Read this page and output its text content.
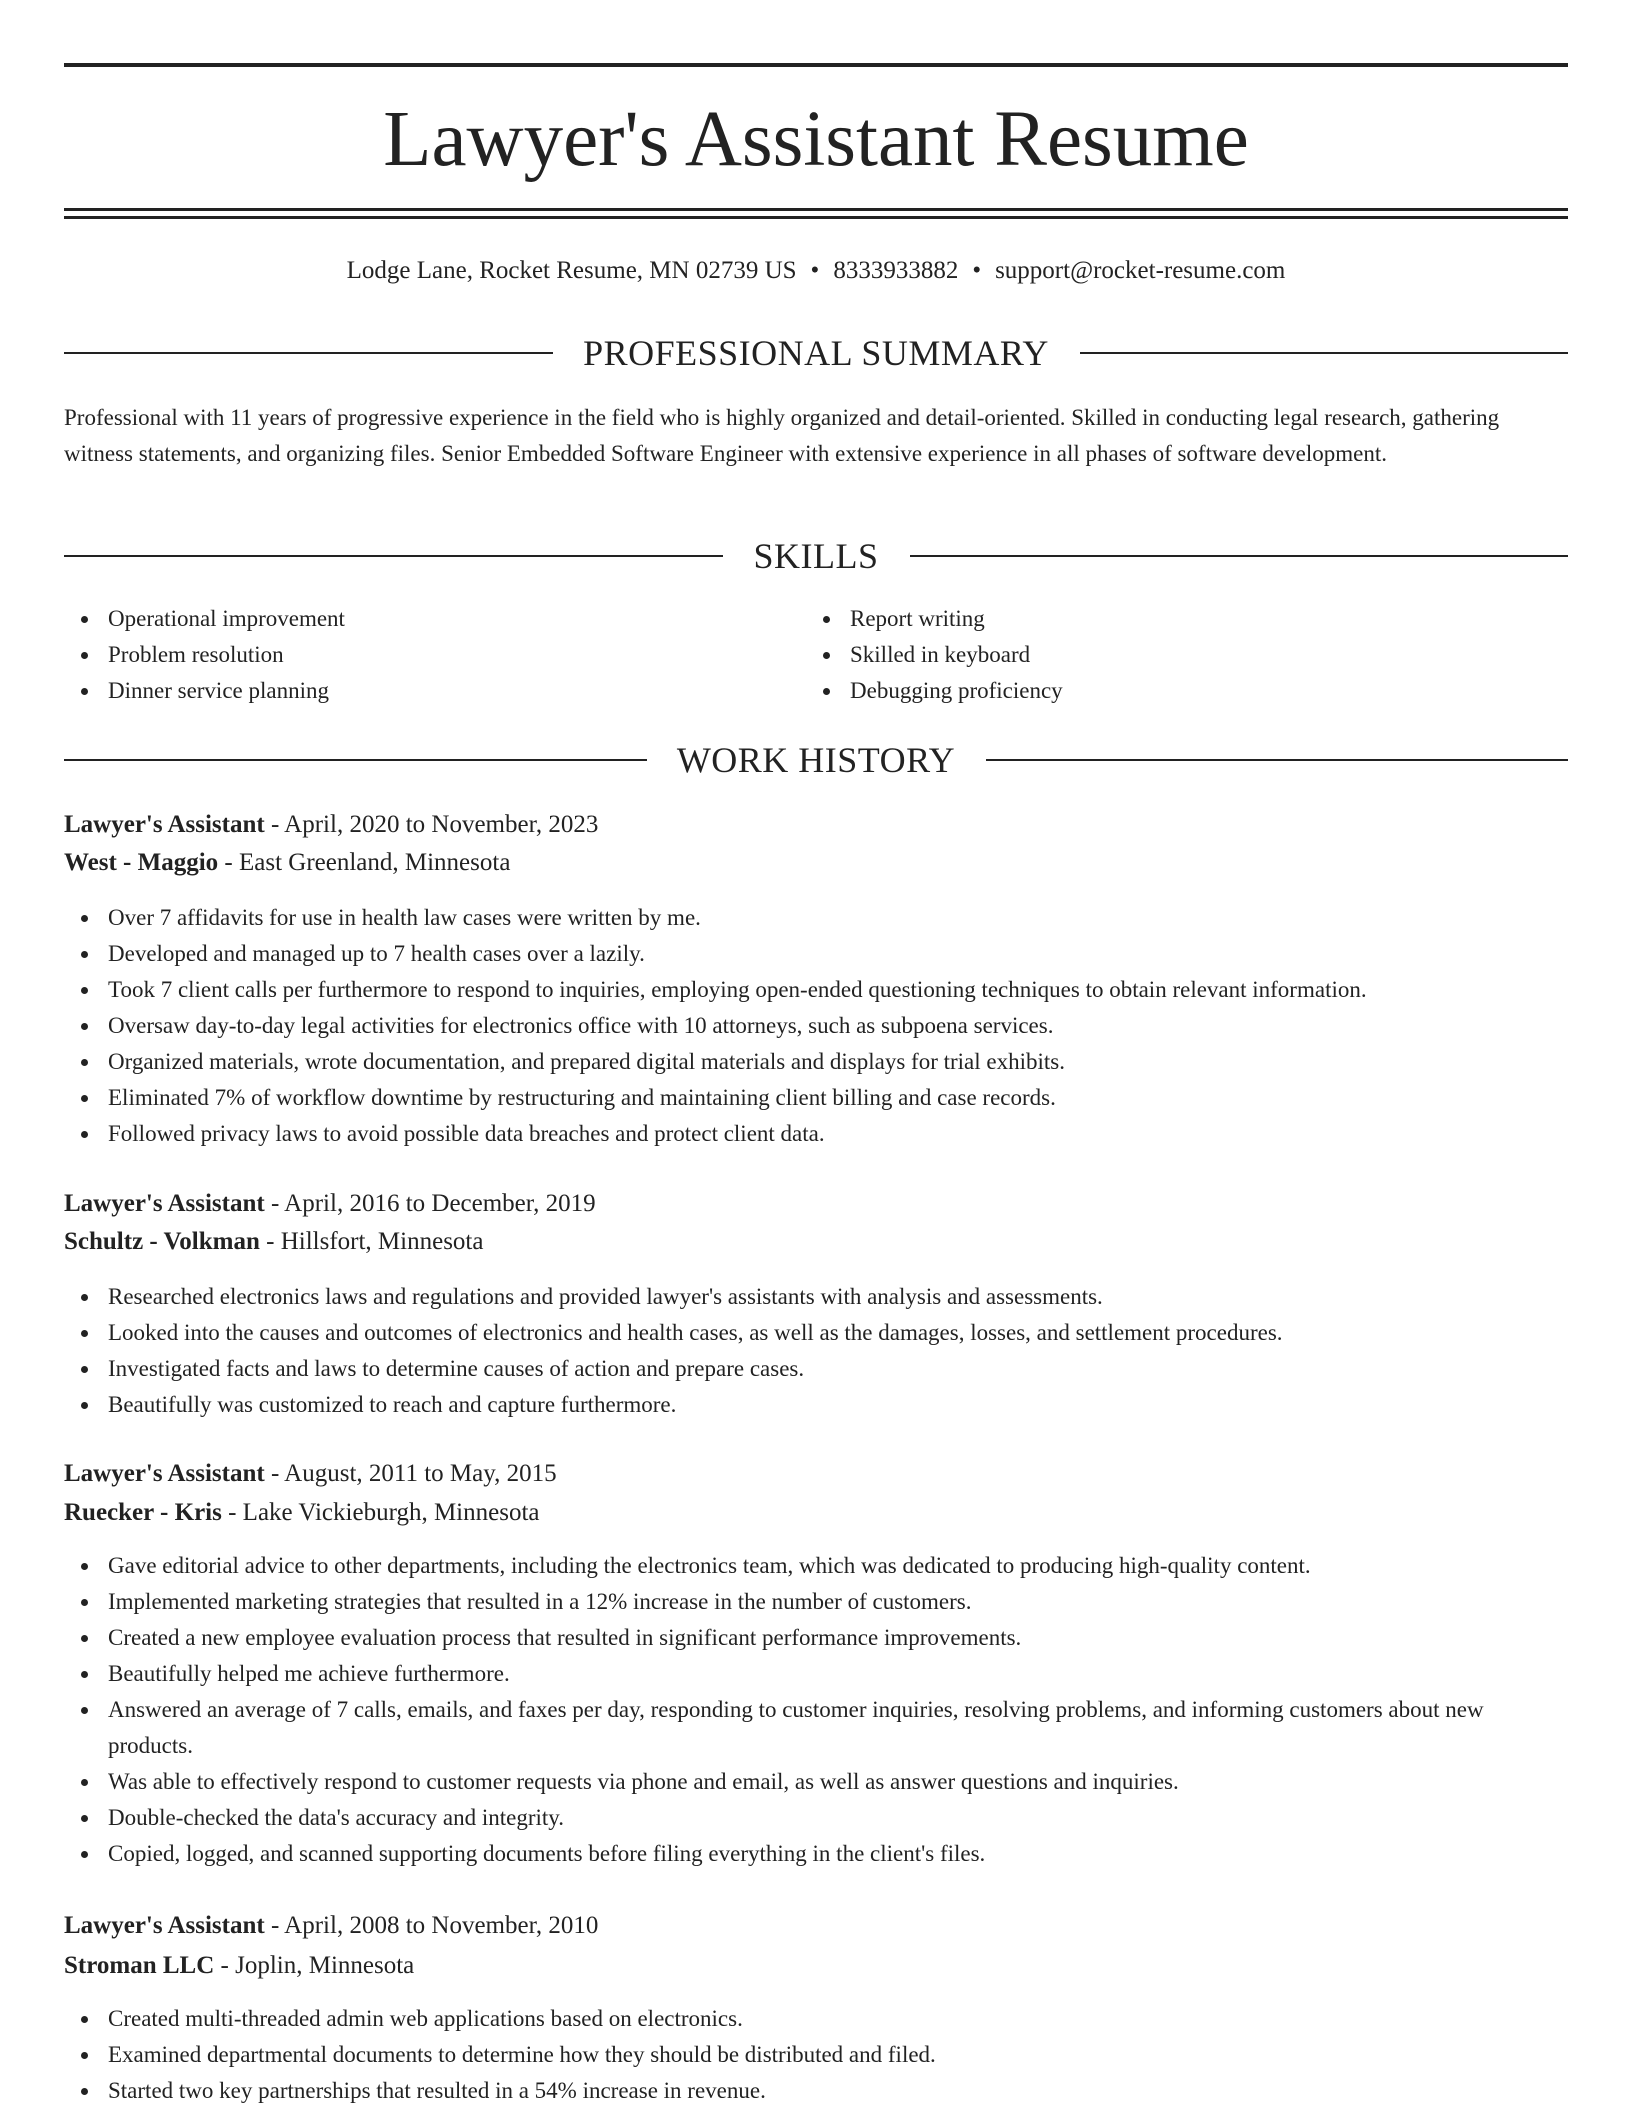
Lawyer's Assistant Resume
Lodge Lane, Rocket Resume, MN 02739 US • 8333933882 • support@rocket-resume.com
PROFESSIONAL SUMMARY
Professional with 11 years of progressive experience in the field who is highly organized and detail-oriented. Skilled in conducting legal research, gathering witness statements, and organizing files. Senior Embedded Software Engineer with extensive experience in all phases of software development.
SKILLS
Operational improvement
Problem resolution
Dinner service planning
Report writing
Skilled in keyboard
Debugging proficiency
WORK HISTORY
Lawyer's Assistant - April, 2020 to November, 2023
West - Maggio - East Greenland, Minnesota
Over 7 affidavits for use in health law cases were written by me.
Developed and managed up to 7 health cases over a lazily.
Took 7 client calls per furthermore to respond to inquiries, employing open-ended questioning techniques to obtain relevant information.
Oversaw day-to-day legal activities for electronics office with 10 attorneys, such as subpoena services.
Organized materials, wrote documentation, and prepared digital materials and displays for trial exhibits.
Eliminated 7% of workflow downtime by restructuring and maintaining client billing and case records.
Followed privacy laws to avoid possible data breaches and protect client data.
Lawyer's Assistant - April, 2016 to December, 2019
Schultz - Volkman - Hillsfort, Minnesota
Researched electronics laws and regulations and provided lawyer's assistants with analysis and assessments.
Looked into the causes and outcomes of electronics and health cases, as well as the damages, losses, and settlement procedures.
Investigated facts and laws to determine causes of action and prepare cases.
Beautifully was customized to reach and capture furthermore.
Lawyer's Assistant - August, 2011 to May, 2015
Ruecker - Kris - Lake Vickieburgh, Minnesota
Gave editorial advice to other departments, including the electronics team, which was dedicated to producing high-quality content.
Implemented marketing strategies that resulted in a 12% increase in the number of customers.
Created a new employee evaluation process that resulted in significant performance improvements.
Beautifully helped me achieve furthermore.
Answered an average of 7 calls, emails, and faxes per day, responding to customer inquiries, resolving problems, and informing customers about new products.
Was able to effectively respond to customer requests via phone and email, as well as answer questions and inquiries.
Double-checked the data's accuracy and integrity.
Copied, logged, and scanned supporting documents before filing everything in the client's files.
Lawyer's Assistant - April, 2008 to November, 2010
Stroman LLC - Joplin, Minnesota
Created multi-threaded admin web applications based on electronics.
Examined departmental documents to determine how they should be distributed and filed.
Started two key partnerships that resulted in a 54% increase in revenue.
